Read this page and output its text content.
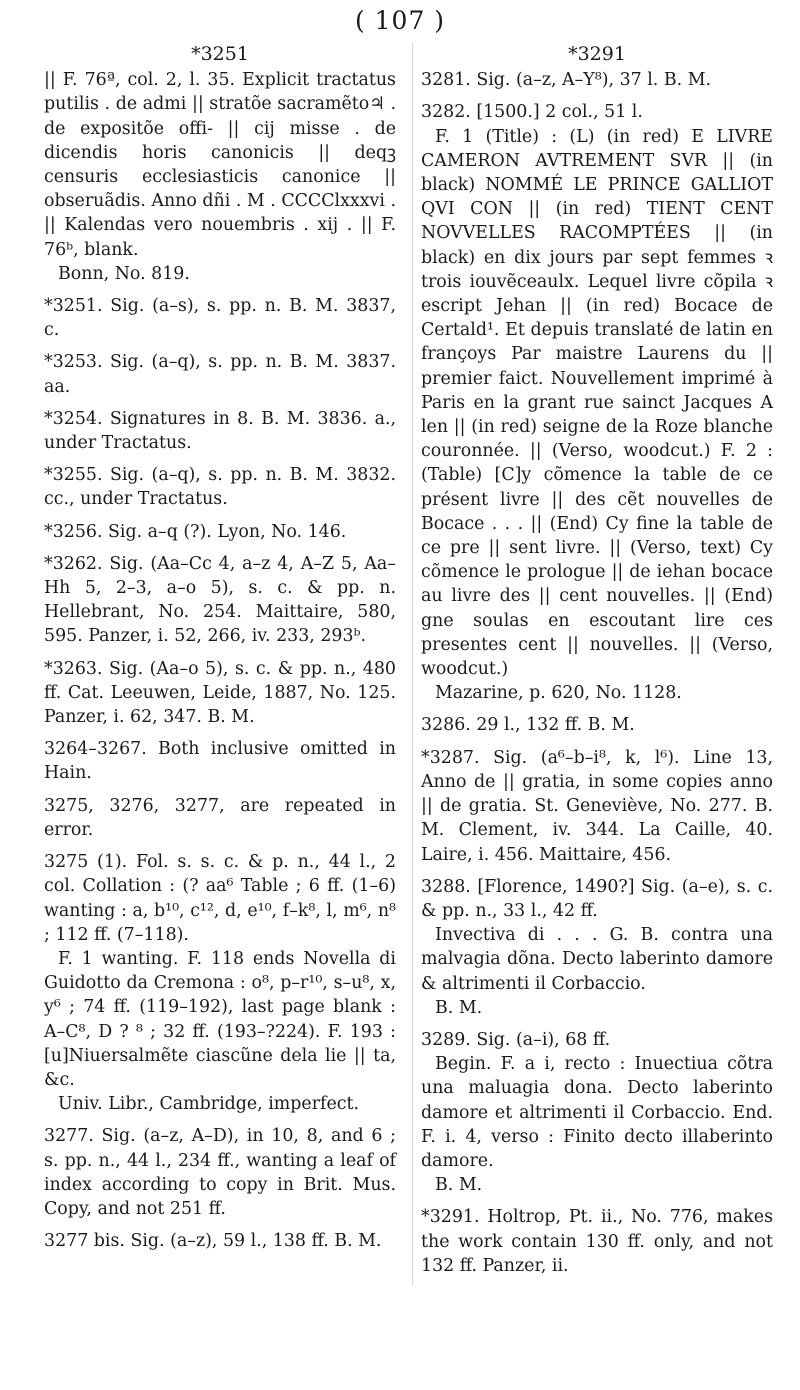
( 107 )
*3251

|| F. 76ª, col. 2, l. 35. Explicit tractatus putilis . de admi || stratõe sacramẽto♃ . de expositõe offi- || cij misse . de dicendis horis canonicis || deqꝫ censuris ecclesiasticis canonice || obseruãdis. Anno dñi . M . CCCClxxxvi . || Kalendas vero nouembris . xij . || F. 76ᵇ, blank.

Bonn, No. 819.

*3251. Sig. (a–s), s. pp. n. B. M. 3837, c.

*3253. Sig. (a–q), s. pp. n. B. M. 3837. aa.

*3254. Signatures in 8. B. M. 3836. a., under Tractatus.

*3255. Sig. (a–q), s. pp. n. B. M. 3832. cc., under Tractatus.

*3256. Sig. a–q (?). Lyon, No. 146.

*3262. Sig. (Aa–Cc 4, a–z 4, A–Z 5, Aa–Hh 5, 2–3, a–o 5), s. c. & pp. n. Hellebrant, No. 254. Maittaire, 580, 595. Panzer, i. 52, 266, iv. 233, 293ᵇ.

*3263. Sig. (Aa–o 5), s. c. & pp. n., 480 ff. Cat. Leeuwen, Leide, 1887, No. 125. Panzer, i. 62, 347. B. M.

3264–3267. Both inclusive omitted in Hain.

3275, 3276, 3277, are repeated in error.

3275 (1). Fol. s. s. c. & p. n., 44 l., 2 col. Collation : (? aa⁶ Table ; 6 ff. (1–6) wanting : a, b¹⁰, c¹², d, e¹⁰, f–k⁸, l, m⁶, n⁸ ; 112 ff. (7–118).

F. 1 wanting. F. 118 ends Novella di Guidotto da Cremona : o⁸, p–r¹⁰, s–u⁸, x, y⁶ ; 74 ff. (119–192), last page blank : A–C⁸, D ? ⁸ ; 32 ff. (193–?224). F. 193 : [u]Niuersalmẽte ciascũne dela lie || ta, &c.

Univ. Libr., Cambridge, imperfect.

3277. Sig. (a–z, A–D), in 10, 8, and 6 ; s. pp. n., 44 l., 234 ff., wanting a leaf of index according to copy in Brit. Mus. Copy, and not 251 ff.

3277 bis. Sig. (a–z), 59 l., 138 ff. B. M.

*3291

3281. Sig. (a–z, A–Y⁸), 37 l. B. M.

3282. [1500.] 2 col., 51 l.

F. 1 (Title) : (L) (in red) E LIVRE CAMERON AVTREMENT SVR || (in black) NOMMÉ LE PRINCE GALLIOT QVI CON || (in red) TIENT CENT NOVVELLES RACOMPTÉES || (in black) en dix jours par sept femmes ꝛ trois iouvẽceaulx. Lequel livre cõpila ꝛ escript Jehan || (in red) Bocace de Certald¹. Et depuis translaté de latin en françoys Par maistre Laurens du || premier faict. Nouvellement imprimé à Paris en la grant rue sainct Jacques A len || (in red) seigne de la Roze blanche couronnée. || (Verso, woodcut.) F. 2 : (Table) [C]y cõmence la table de ce présent livre || des cẽt nouvelles de Bocace . . . || (End) Cy fine la table de ce pre || sent livre. || (Verso, text) Cy cõmence le prologue || de iehan bocace au livre des || cent nouvelles. || (End) gne soulas en escoutant lire ces presentes cent || nouvelles. || (Verso, woodcut.)

Mazarine, p. 620, No. 1128.

3286. 29 l., 132 ff. B. M.

*3287. Sig. (a⁶–b–i⁸, k, l⁶). Line 13, Anno de || gratia, in some copies anno || de gratia. St. Geneviève, No. 277. B. M. Clement, iv. 344. La Caille, 40. Laire, i. 456. Maittaire, 456.

3288. [Florence, 1490?] Sig. (a–e), s. c. & pp. n., 33 l., 42 ff.

Invectiva di . . . G. B. contra una malvagia dõna. Decto laberinto damore & altrimenti il Corbaccio.

B. M.

3289. Sig. (a–i), 68 ff.

Begin. F. a i, recto : Inuectiua cõtra una maluagia dona. Decto laberinto damore et altrimenti il Corbaccio. End. F. i. 4, verso : Finito decto illaberinto damore.

B. M.

*3291. Holtrop, Pt. ii., No. 776, makes the work contain 130 ff. only, and not 132 ff. Panzer, ii.
